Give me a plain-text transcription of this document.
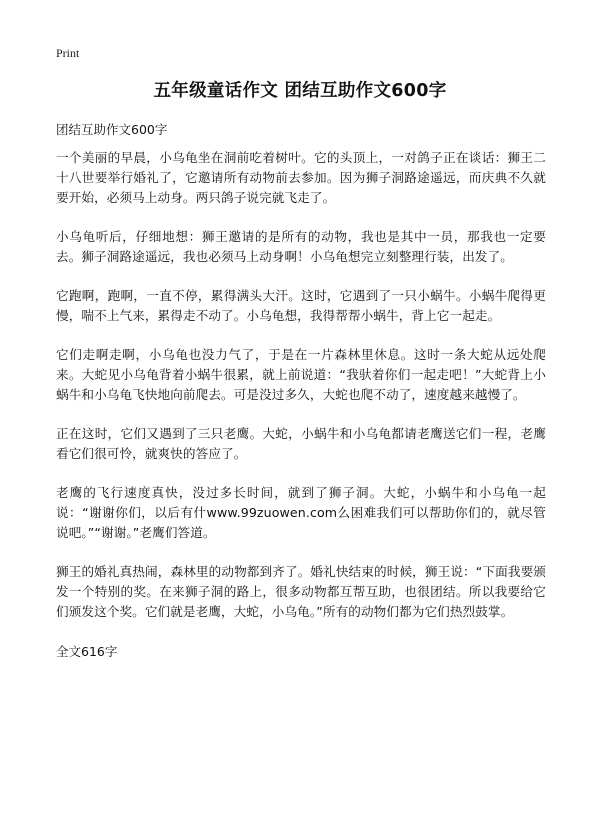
Print
五年级童话作文 团结互助作文600字
团结互助作文600字

一个美丽的早晨，小乌龟坐在洞前吃着树叶。它的头顶上，一对鸽子正在谈话：狮王二十八世要举行婚礼了，它邀请所有动物前去参加。因为狮子洞路途遥远，而庆典不久就要开始，必须马上动身。两只鸽子说完就飞走了。

小乌龟听后，仔细地想：狮王邀请的是所有的动物，我也是其中一员，那我也一定要去。狮子洞路途遥远，我也必须马上动身啊！小乌龟想完立刻整理行装，出发了。

它跑啊，跑啊，一直不停，累得满头大汗。这时，它遇到了一只小蜗牛。小蜗牛爬得更慢，喘不上气来，累得走不动了。小乌龟想，我得帮帮小蜗牛，背上它一起走。

它们走啊走啊，小乌龟也没力气了，于是在一片森林里休息。这时一条大蛇从远处爬来。大蛇见小乌龟背着小蜗牛很累，就上前说道：“我驮着你们一起走吧！”大蛇背上小蜗牛和小乌龟飞快地向前爬去。可是没过多久，大蛇也爬不动了，速度越来越慢了。

正在这时，它们又遇到了三只老鹰。大蛇，小蜗牛和小乌龟都请老鹰送它们一程，老鹰看它们很可怜，就爽快的答应了。

老鹰的飞行速度真快，没过多长时间，就到了狮子洞。大蛇，小蜗牛和小乌龟一起说：“谢谢你们，以后有什www.99zuowen.com么困难我们可以帮助你们的，就尽管说吧。”“谢谢。”老鹰们答道。

狮王的婚礼真热闹，森林里的动物都到齐了。婚礼快结束的时候，狮王说：“下面我要颁发一个特别的奖。在来狮子洞的路上，很多动物都互帮互助，也很团结。所以我要给它们颁发这个奖。它们就是老鹰，大蛇，小乌龟。”所有的动物们都为它们热烈鼓掌。

全文616字
